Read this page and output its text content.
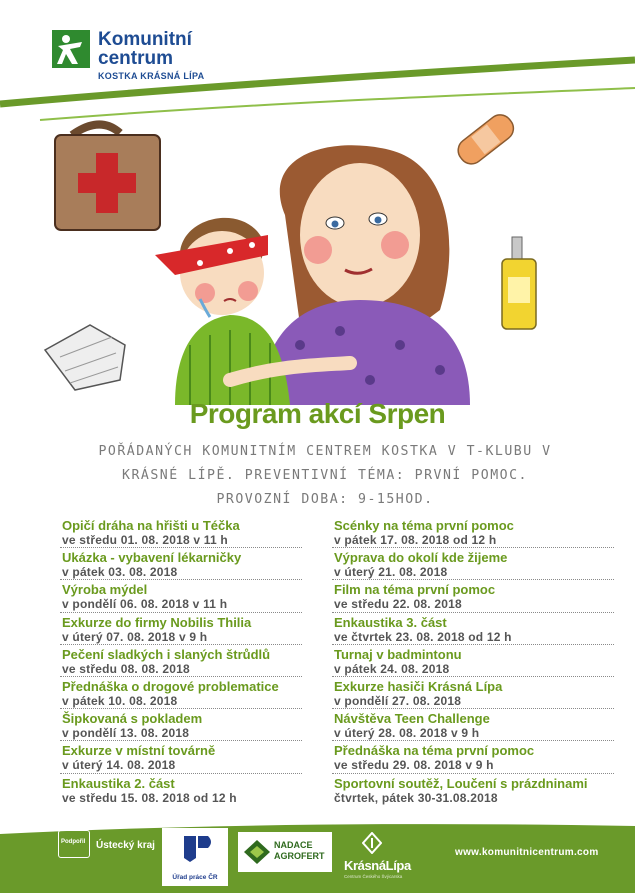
Komunitní
centrum
KOSTKA KRÁSNÁ LÍPA
Program akcí Srpen
POŘÁDANÝCH KOMUNITNÍM CENTREM KOSTKA V T-KLUBU V KRÁSNÉ LÍPĚ. PREVENTIVNÍ TÉMA: PRVNÍ POMOC. PROVOZNÍ DOBA: 9-15HOD.
Opičí dráha na hřišti u Téčka
ve středu 01. 08. 2018 v 11 h
Ukázka - vybavení lékarničky
v pátek 03. 08. 2018
Výroba mýdel
v pondělí 06. 08. 2018 v 11 h
Exkurze do firmy Nobilis Thilia
v úterý 07. 08. 2018 v 9 h
Pečení sladkých i slaných štrůdlů
ve středu 08. 08. 2018
Přednáška o drogové problematice
v pátek 10. 08. 2018
Šipkovaná s pokladem
v pondělí 13. 08. 2018
Exkurze v místní továrně
v úterý 14. 08. 2018
Enkaustika 2. část
ve středu 15. 08. 2018 od 12 h
Scénky na téma první pomoc
v pátek 17. 08. 2018 od 12 h
Výprava do okolí kde žijeme
v úterý 21. 08. 2018
Film na téma první pomoc
ve středu 22. 08. 2018
Enkaustika 3. část
ve čtvrtek 23. 08. 2018 od 12 h
Turnaj v badmintonu
v pátek 24. 08. 2018
Exkurze hasiči Krásná Lípa
v pondělí 27. 08. 2018
Návštěva Teen Challenge
v úterý 28. 08. 2018 v 9 h
Přednáška na téma první pomoc
ve středu 29. 08. 2018 v 9 h
Sportovní soutěž, Loučení s prázdninami
čtvrtek, pátek 30-31.08.2018
Podpořil Ústecký kraj
Úřad práce ČR
NADACE
AGROFERT
KrásnáLípa
Centrum Českého Švýcarska
www.komunitnicentrum.com
